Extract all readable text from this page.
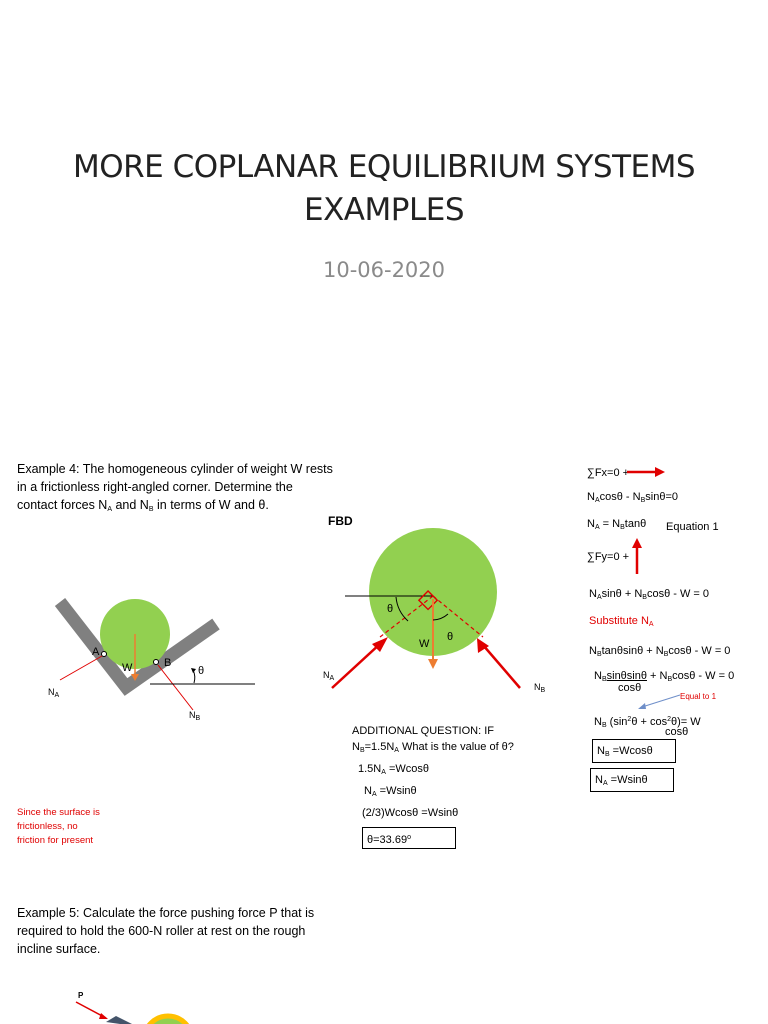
MORE COPLANAR EQUILIBRIUM SYSTEMS
EXAMPLES
10-06-2020
Example 4: The homogeneous cylinder of weight W rests
in a frictionless right-angled corner. Determine the
contact forces $N_A$ and $N_B$ in terms of W and θ.
A
B
W	θ
$N_A$
$N_B$
Since the surface is
frictionless, no
friction for present
FBD
θ
θ
W
$N_A$
$N_B$
ADDITIONAL QUESTION: IF
$N_B=1.5N_A$ What is the value of θ?
$1.5N_A =Wcos\theta$
$N_A =Wsin\theta$
(2/3)Wcosθ =Wsinθ
$\theta=33.69^o$
∑Fx=0 +
$N_A\cos\theta - N_B\sin\theta=0$
$N_A = N_B\tan\theta$ Equation 1
∑Fy=0 +
$N_A\sin\theta + N_B\cos\theta - W = 0$
Substitute $N_A$
$N_B\tan\theta\sin\theta + N_B\cos\theta - W = 0$
$N_B\sin\theta\sin\theta + N_B\cos\theta - W = 0$
cosθ
Equal to 1
$N_B$ $(\sin^2\theta + \cos^2\theta)= W$
cosθ
$N_B =Wcos\theta$
$N_A =Wsin\theta$
Example 5: Calculate the force pushing force P that is
required to hold the 600-N roller at rest on the rough
incline surface.
P
